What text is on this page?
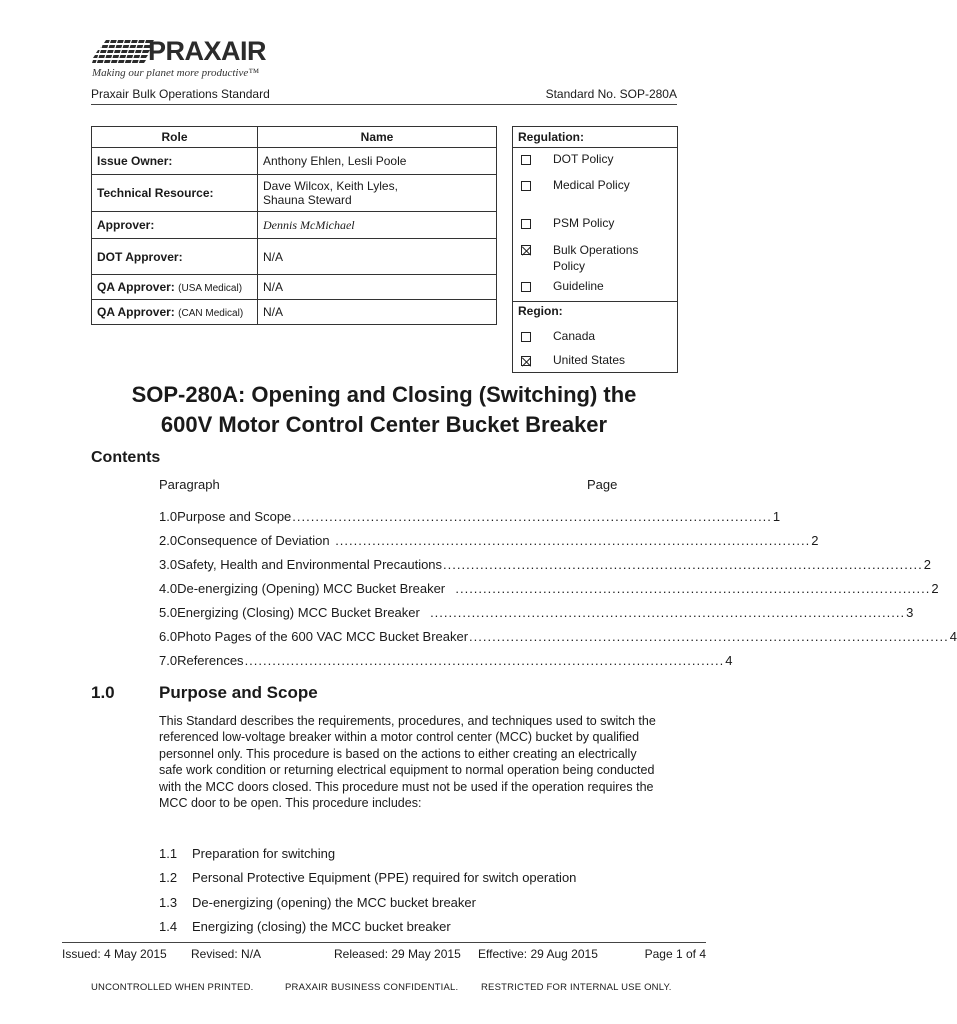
PRAXAIR
Making our planet more productive™
Praxair Bulk Operations Standard	Standard No. SOP-280A
Role	Name
Issue Owner:	Anthony Ehlen, Lesli Poole
Technical Resource:	Dave Wilcox, Keith Lyles,
Shauna Steward

Approver:	Dennis McMichael
DOT Approver:	N/A
QA Approver: (USA Medical)	N/A
QA Approver: (CAN Medical)	N/A
Regulation:
DOT Policy
Medical Policy
PSM Policy
Bulk Operations
Policy
Guideline
Region:
Canada
United States
SOP-280A: Opening and Closing (Switching) the
600V Motor Control Center Bucket Breaker
Contents
Paragraph	Page
1.0 Purpose and Scope ........................................................................................................ 1
2.0 Consequence of Deviation ....................................................................................................... 2
3.0 Safety, Health and Environmental Precautions ........................................................................................................ 2
4.0 De-energizing (Opening) MCC Bucket Breaker ....................................................................................................... 2
5.0 Energizing (Closing) MCC Bucket Breaker ....................................................................................................... 3
6.0 Photo Pages of the 600 VAC MCC Bucket Breaker ........................................................................................................ 4
7.0 References ........................................................................................................ 4
1.0	Purpose and Scope
This Standard describes the requirements, procedures, and techniques used to switch the referenced low-voltage breaker within a motor control center (MCC) bucket by qualified personnel only. This procedure is based on the actions to either creating an electrically safe work condition or returning electrical equipment to normal operation being conducted with the MCC doors closed. This procedure must not be used if the operation requires the MCC door to be open. This procedure includes:
1.1	Preparation for switching
1.2	Personal Protective Equipment (PPE) required for switch operation
1.3	De-energizing (opening) the MCC bucket breaker
1.4	Energizing (closing) the MCC bucket breaker
Issued: 4 May 2015 Revised: N/A	Released: 29 May 2015 Effective: 29 Aug 2015	Page 1 of 4
UNCONTROLLED WHEN PRINTED.	PRAXAIR BUSINESS CONFIDENTIAL. RESTRICTED FOR INTERNAL USE ONLY.
